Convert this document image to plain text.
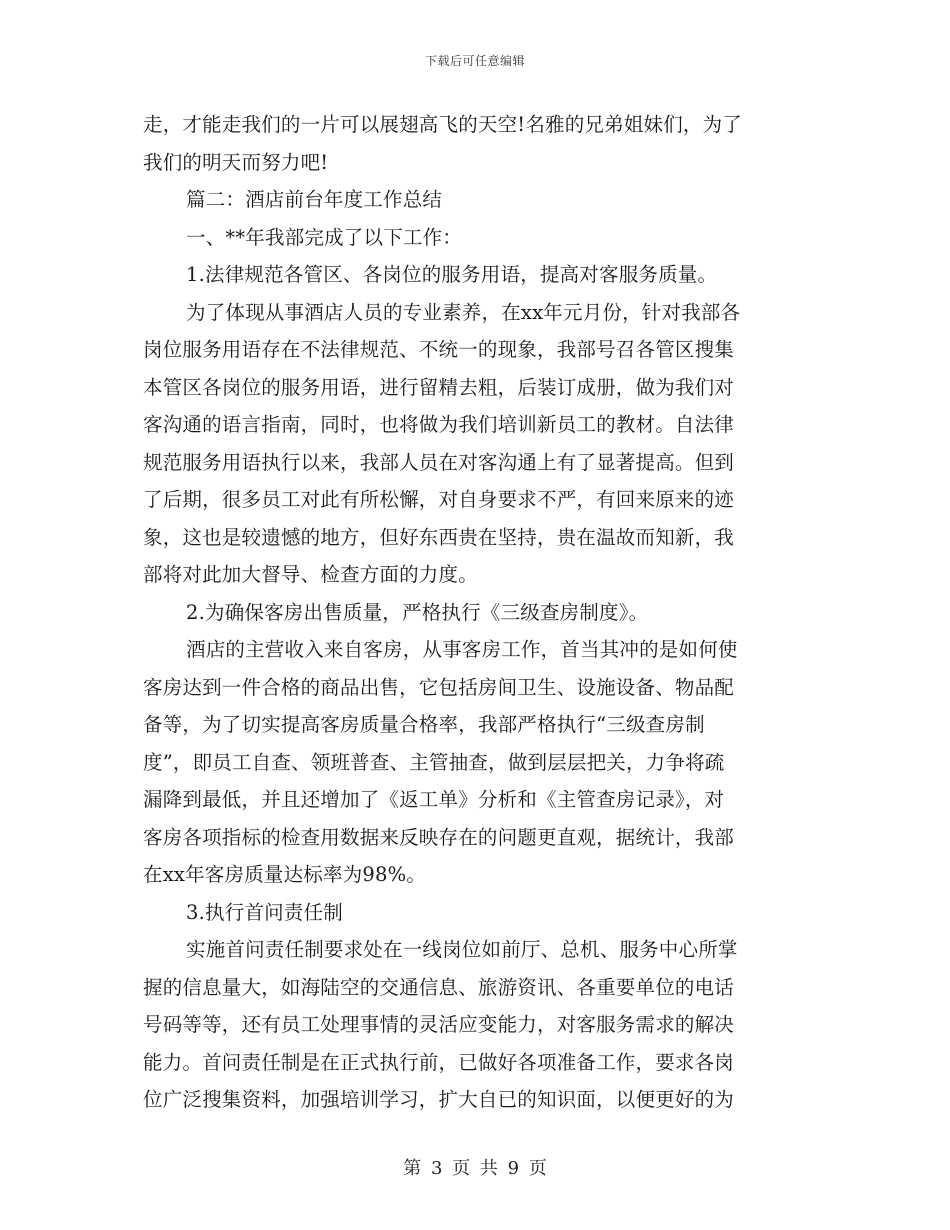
下载后可任意编辑
走，才能走我们的一片可以展翅高飞的天空!名雅的兄弟姐妹们，为了
我们的明天而努力吧!
篇二：酒店前台年度工作总结
一、**年我部完成了以下工作：
1.法律规范各管区、各岗位的服务用语，提高对客服务质量。
为了体现从事酒店人员的专业素养，在xx年元月份，针对我部各
岗位服务用语存在不法律规范、不统一的现象，我部号召各管区搜集
本管区各岗位的服务用语，进行留精去粗，后装订成册，做为我们对
客沟通的语言指南，同时，也将做为我们培训新员工的教材。自法律
规范服务用语执行以来，我部人员在对客沟通上有了显著提高。但到
了后期，很多员工对此有所松懈，对自身要求不严，有回来原来的迹
象，这也是较遗憾的地方，但好东西贵在坚持，贵在温故而知新，我
部将对此加大督导、检查方面的力度。
2.为确保客房出售质量，严格执行《三级查房制度》。
酒店的主营收入来自客房，从事客房工作，首当其冲的是如何使
客房达到一件合格的商品出售，它包括房间卫生、设施设备、物品配
备等，为了切实提高客房质量合格率，我部严格执行“三级查房制
度”，即员工自查、领班普查、主管抽查，做到层层把关，力争将疏
漏降到最低，并且还增加了《返工单》分析和《主管查房记录》，对
客房各项指标的检查用数据来反映存在的问题更直观，据统计，我部
在xx年客房质量达标率为98%。
3.执行首问责任制
实施首问责任制要求处在一线岗位如前厅、总机、服务中心所掌
握的信息量大，如海陆空的交通信息、旅游资讯、各重要单位的电话
号码等等，还有员工处理事情的灵活应变能力，对客服务需求的解决
能力。首问责任制是在正式执行前，已做好各项准备工作，要求各岗
位广泛搜集资料，加强培训学习，扩大自已的知识面，以便更好的为
第 3 页 共 9 页
